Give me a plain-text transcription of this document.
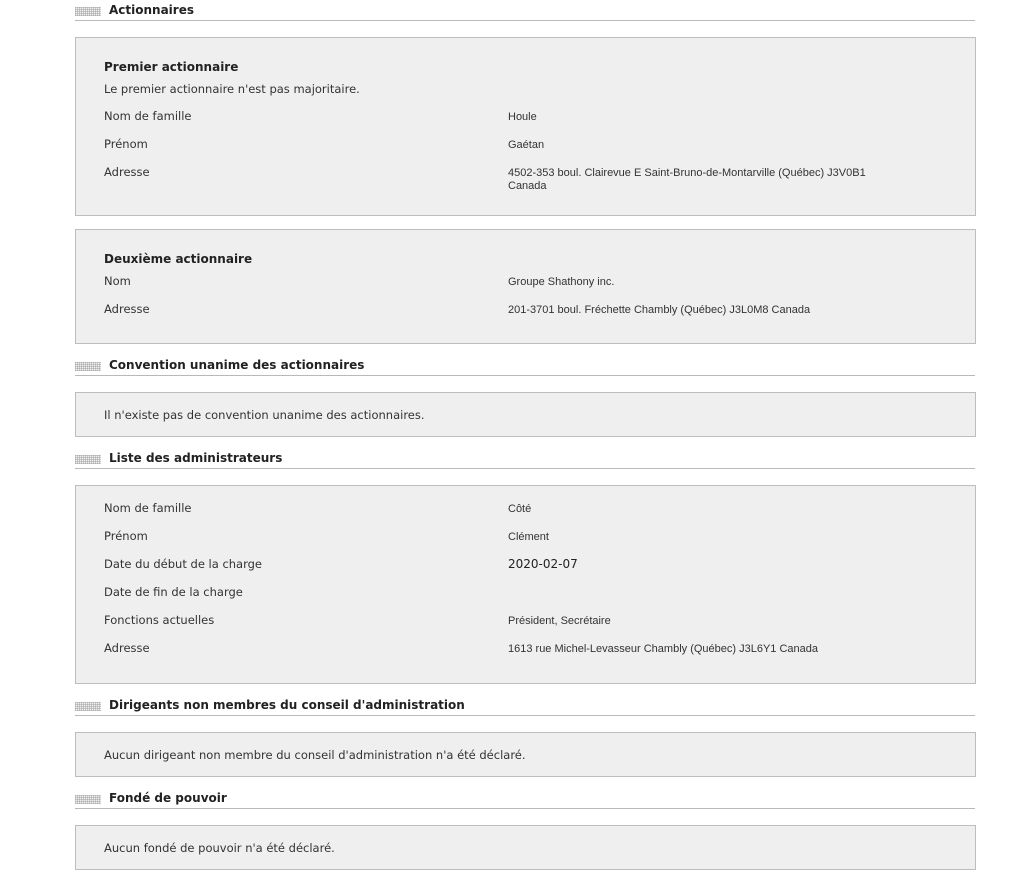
Actionnaires
Premier actionnaire
Le premier actionnaire n'est pas majoritaire.
Nom de famille	Houle
Prénom	Gaétan
Adresse	4502-353 boul. Clairevue E Saint-Bruno-de-Montarville (Québec) J3V0B1
Canada
Deuxième actionnaire
Nom	Groupe Shathony inc.
Adresse	201-3701 boul. Fréchette Chambly (Québec) J3L0M8 Canada
Convention unanime des actionnaires
Il n'existe pas de convention unanime des actionnaires.
Liste des administrateurs
Nom de famille	Côté
Prénom	Clément
Date du début de la charge	2020-02-07
Date de fin de la charge
Fonctions actuelles	Président, Secrétaire
Adresse	1613 rue Michel-Levasseur Chambly (Québec) J3L6Y1 Canada
Dirigeants non membres du conseil d'administration
Aucun dirigeant non membre du conseil d'administration n'a été déclaré.
Fondé de pouvoir
Aucun fondé de pouvoir n'a été déclaré.
